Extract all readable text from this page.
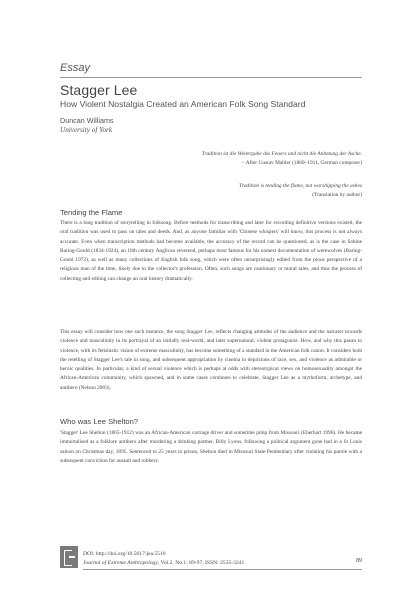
Essay
Stagger Lee
How Violent Nostalgia Created an American Folk Song Standard
Duncan Williams
University of York
Tradition ist die Weitergabe des Feuers und nicht die Anbetung der Asche.
– After Gustav Mahler (1860–1911, German composer)
Tradition is tending the flame, not worshipping the ashes
(Translation by author)
Tending the Flame

There is a long tradition of storytelling in folksong. Before methods for transcribing and later for recording definitive versions existed, the oral tradition was used to pass on tales and deeds. And, as anyone familiar with 'Chinese whispers' will know, this process is not always accurate. Even when transcription methods had become available, the accuracy of the record can be questioned, as is the case in Sabine Baring-Gould (1834-1924), an 18th century Anglican reverend, perhaps most famous for his earnest documentation of werewolves (Baring-Gould 1973), as well as many collections of English folk song, which were often unsurprisingly edited from the pious perspective of a religious man of the time, likely due to the collector's profession. Often, such songs are cautionary or moral tales, and thus the process of collecting and editing can change an oral history dramatically.

This essay will consider how one such instance, the song Stagger Lee, reflects changing attitudes of the audience and the narrator towards violence and masculinity in its portrayal of an initially real-world, and later supernatural, violent protagonist. How, and why this paean to violence, with its fetishistic vision of extreme masculinity, has become something of a standard in the American folk canon. It considers both the retelling of Stagger Lee's tale in song, and subsequent appropriation by cinema in depictions of race, sex, and violence as admirable or heroic qualities. In particular, a kind of sexual violence which is perhaps at odds with stereotypical views on homosexuality amongst the African-American community, which spawned, and in some cases continues to celebrate, Stagger Lee as a mythoform, archetype, and antihero (Nelson 2003).

Who was Lee Shelton?

'Stagger' Lee Shelton (1865-1912) was an African-American carriage driver and sometime pimp from Missouri (Eberhart 1996). He became immortalised as a folklore antihero after murdering a drinking partner, Billy Lyons, following a political argument gone bad in a St Louis saloon on Christmas day, 1895. Sentenced to 25 years in prison, Shelton died in Missouri State Penitentiary after violating his parole with a subsequent conviction for assault and robbery.

DOI: http://doi.org/10.5617/jea.5516
Journal of Extreme Anthropology, Vol.2, No.1: 89-97, ISSN: 2535-3241	89
